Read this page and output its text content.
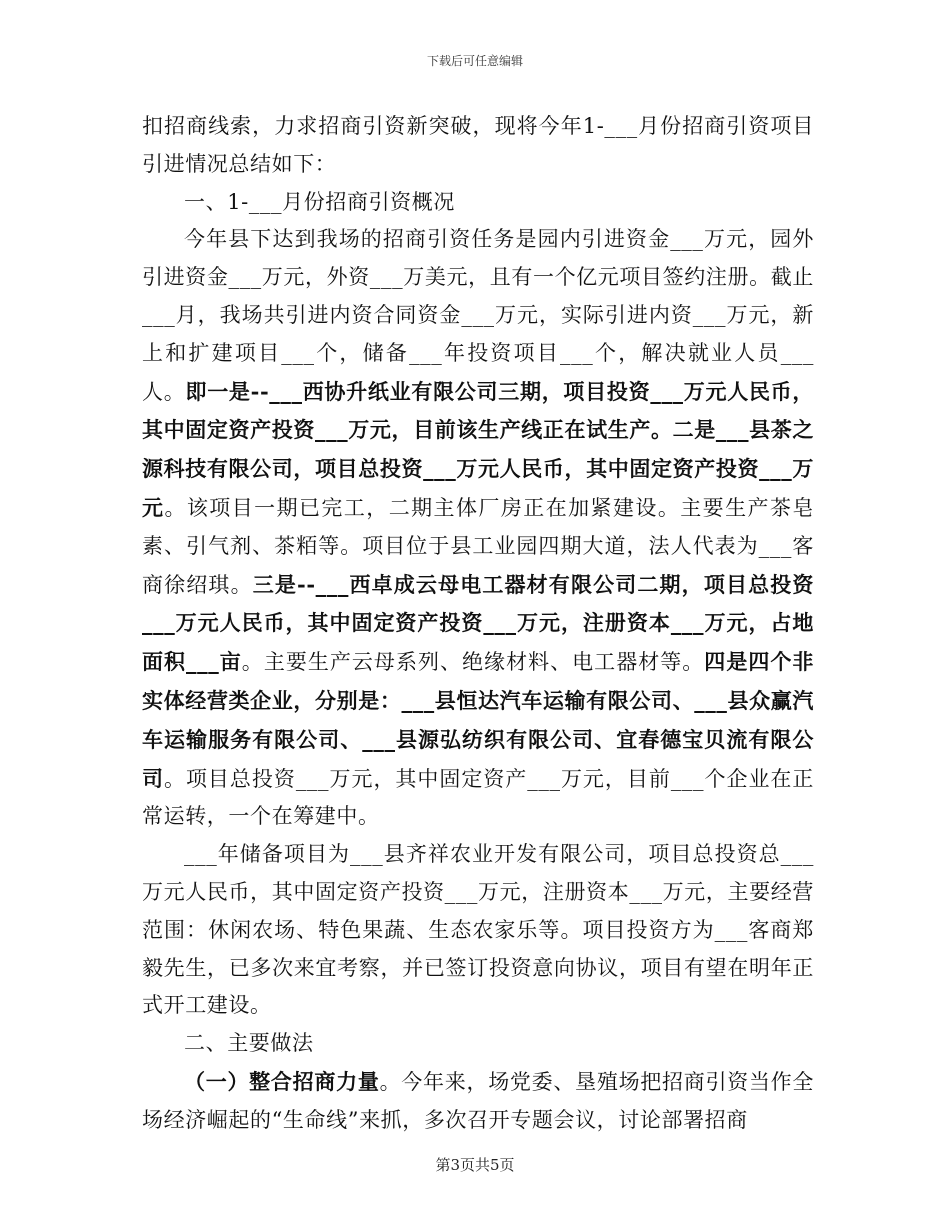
下载后可任意编辑

扣招商线索，力求招商引资新突破，现将今年1-___月份招商引资项目引进情况总结如下：

一、1-___月份招商引资概况

今年县下达到我场的招商引资任务是园内引进资金___万元，园外引进资金___万元，外资___万美元，且有一个亿元项目签约注册。截止___月，我场共引进内资合同资金___万元，实际引进内资___万元，新上和扩建项目___个，储备___年投资项目___个，解决就业人员___人。即一是--___西协升纸业有限公司三期，项目投资___万元人民币，其中固定资产投资___万元，目前该生产线正在试生产。二是___县茶之源科技有限公司，项目总投资___万元人民币，其中固定资产投资___万元。该项目一期已完工，二期主体厂房正在加紧建设。主要生产茶皂素、引气剂、茶粨等。项目位于县工业园四期大道，法人代表为___客商徐绍琪。三是--___西卓成云母电工器材有限公司二期，项目总投资___万元人民币，其中固定资产投资___万元，注册资本___万元，占地面积___亩。主要生产云母系列、绝缘材料、电工器材等。四是四个非实体经营类企业，分别是：___县恒达汽车运输有限公司、___县众赢汽车运输服务有限公司、___县源弘纺织有限公司、宜春德宝贝流有限公司。项目总投资___万元，其中固定资产___万元，目前___个企业在正常运转，一个在筹建中。

___年储备项目为___县齐祥农业开发有限公司，项目总投资总___万元人民币，其中固定资产投资___万元，注册资本___万元，主要经营范围：休闲农场、特色果蔬、生态农家乐等。项目投资方为___客商郑毅先生，已多次来宜考察，并已签订投资意向协议，项目有望在明年正式开工建设。

二、主要做法

（一）整合招商力量。今年来，场党委、垦殖场把招商引资当作全场经济崛起的“生命线”来抓，多次召开专题会议，讨论部署招商

第3页共5页
